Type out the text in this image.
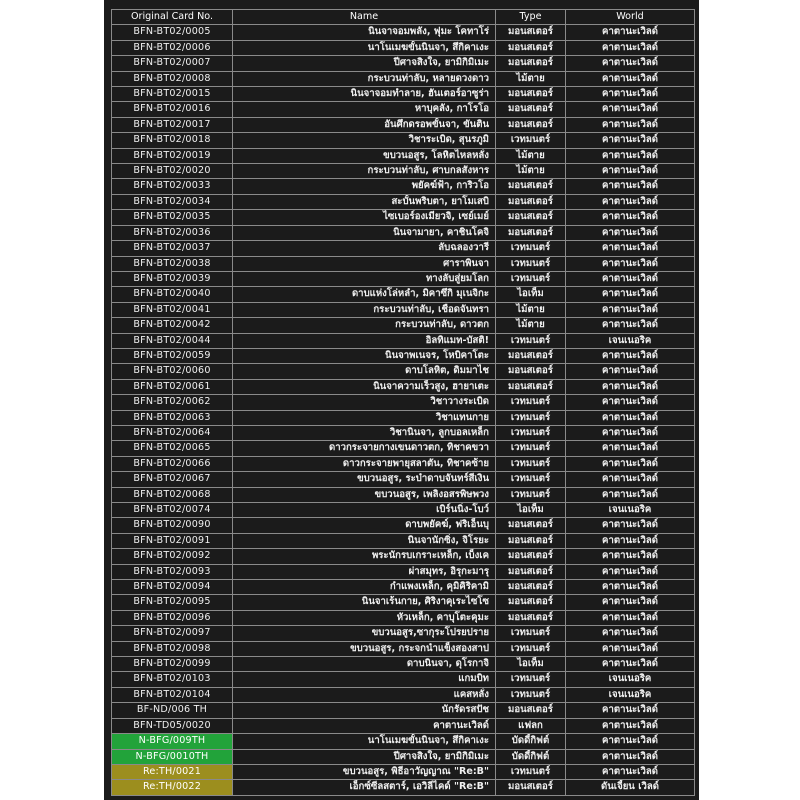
Original Card No.	Name	Type	World
BFN-BT02/0005	นินจาจอมพลัง, ฟุมะ โคทาโร่	มอนสเตอร์	คาตานะเวิลด์
BFN-BT02/0006	นาโนเมฆขั้นนินจา, สึกิคาเงะ	มอนสเตอร์	คาตานะเวิลด์
BFN-BT02/0007	ปีศาจสิงใจ, ยามิกิมิเมะ	มอนสเตอร์	คาตานะเวิลด์
BFN-BT02/0008	กระบวนท่าลับ, หลายดวงดาว	ไม้ตาย	คาตานะเวิลด์
BFN-BT02/0015	นินจาจอมทำลาย, ฮันเตอร์อาซูร่า	มอนสเตอร์	คาตานะเวิลด์
BFN-BT02/0016	หาบุคลัง, กาโรโอ	มอนสเตอร์	คาตานะเวิลด์
BFN-BT02/0017	อันศึกดรอพขั้นจา, ขันติน	มอนสเตอร์	คาตานะเวิลด์
BFN-BT02/0018	วิชาระเบิด, สุนรภูมิ	เวทมนตร์	คาตานะเวิลด์
BFN-BT02/0019	ขบวนอสูร, โลหิตไหลหลั่ง	ไม้ตาย	คาตานะเวิลด์
BFN-BT02/0020	กระบวนท่าลับ, ศาบกลสังหาร	ไม้ตาย	คาตานะเวิลด์
BFN-BT02/0033	พยัคฆ์ฟ้า, การิวโอ	มอนสเตอร์	คาตานะเวิลด์
BFN-BT02/0034	สะบั้นพริบตา, ยาโมเสบิ	มอนสเตอร์	คาตานะเวิลด์
BFN-BT02/0035	ไซเบอร์องเมียวจิ, เซย์เมย์	มอนสเตอร์	คาตานะเวิลด์
BFN-BT02/0036	นินจามายา, คาชินโคจิ	มอนสเตอร์	คาตานะเวิลด์
BFN-BT02/0037	ลับฉลองวารี	เวทมนตร์	คาตานะเวิลด์
BFN-BT02/0038	ศาราพินจา	เวทมนตร์	คาตานะเวิลด์
BFN-BT02/0039	ทางลับสู่ยมโลก	เวทมนตร์	คาตานะเวิลด์
BFN-BT02/0040	ดาบแห่งโล่หลำ, มิคาซึกิ มุเนจิกะ	ไอเท็ม	คาตานะเวิลด์
BFN-BT02/0041	กระบวนท่าลับ, เชือดจันทรา	ไม้ตาย	คาตานะเวิลด์
BFN-BT02/0042	กระบวนท่าลับ, ดาวตก	ไม้ตาย	คาตานะเวิลด์
BFN-BT02/0044	อิลทิแมท-บัสติ!	เวทมนตร์	เจนเนอริค
BFN-BT02/0059	นินจาพเนจร, โหบิคาโตะ	มอนสเตอร์	คาตานะเวิลด์
BFN-BT02/0060	ดาบโลหิต, ดิมมาไช	มอนสเตอร์	คาตานะเวิลด์
BFN-BT02/0061	นินจาความเร็วสูง, ฮายาเตะ	มอนสเตอร์	คาตานะเวิลด์
BFN-BT02/0062	วิชาวางระเบิด	เวทมนตร์	คาตานะเวิลด์
BFN-BT02/0063	วิชาแทนกาย	เวทมนตร์	คาตานะเวิลด์
BFN-BT02/0064	วิชานินจา, ลูกบอลเหล็ก	เวทมนตร์	คาตานะเวิลด์
BFN-BT02/0065	ดาวกระจายกางเขนดาวตก, ทิชาคขวา	เวทมนตร์	คาตานะเวิลด์
BFN-BT02/0066	ดาวกระจายพายุสลาตัน, ทิชาคซ้าย	เวทมนตร์	คาตานะเวิลด์
BFN-BT02/0067	ขบวนอสูร, ระบำดาบจันทร์สีเงิน	เวทมนตร์	คาตานะเวิลด์
BFN-BT02/0068	ขบวนอสูร, เพลิงอสรพิษพวง	เวทมนตร์	คาตานะเวิลด์
BFN-BT02/0074	เบิร์นนิ่ง-โบว์	ไอเท็ม	เจนเนอริค
BFN-BT02/0090	ดาบพยัคฆ์, ฟริเอ็นบุ	มอนสเตอร์	คาตานะเวิลด์
BFN-BT02/0091	นินจานักซิ่ง, จิโรยะ	มอนสเตอร์	คาตานะเวิลด์
BFN-BT02/0092	พระนักรบเกราะเหล็ก, เบ็งเค	มอนสเตอร์	คาตานะเวิลด์
BFN-BT02/0093	ผ่าสมุทร, อิรุกะมารุ	มอนสเตอร์	คาตานะเวิลด์
BFN-BT02/0094	กำแพงเหล็ก, คุมิคิริคามิ	มอนสเตอร์	คาตานะเวิลด์
BFN-BT02/0095	นินจาเร้นกาย, ศิริงาคุเระไซโซ	มอนสเตอร์	คาตานะเวิลด์
BFN-BT02/0096	หัวเหล็ก, คาบุโตะคุมะ	มอนสเตอร์	คาตานะเวิลด์
BFN-BT02/0097	ขบวนอสูร,ซากุระโปรยปราย	เวทมนตร์	คาตานะเวิลด์
BFN-BT02/0098	ขบวนอสูร, กระจกนำแข็งสองสาป	เวทมนตร์	คาตานะเวิลด์
BFN-BT02/0099	ดาบนินจา, ดุโรกาจิ	ไอเท็ม	คาตานะเวิลด์
BFN-BT02/0103	แกมบิท	เวทมนตร์	เจนเนอริค
BFN-BT02/0104	แคสหลั่ง	เวทมนตร์	เจนเนอริค
BF-ND/006 TH	นักรัดรสปัช	มอนสเตอร์	คาตานะเวิลด์
BFN-TD05/0020	คาตานะเวิลด์	แฟลก	คาตานะเวิลด์
N-BFG/009TH	นาโนเมฆขั้นนินจา, สึกิคาเงะ	บัดดี้กิฟต์	คาตานะเวิลด์
N-BFG/0010TH	ปีศาจสิงใจ, ยามิกิมิเมะ	บัดดี้กิฟต์	คาตานะเวิลด์
Re:TH/0021	ขบวนอสูร, พิธีอาวัญญาณ "Re:B"	เวทมนตร์	คาตานะเวิลด์
Re:TH/0022	เอ็กซ์ซีลสตาร์, เอวิลีไคด์ "Re:B"	มอนสเตอร์	ดันเจี้ยน เวิลด์
